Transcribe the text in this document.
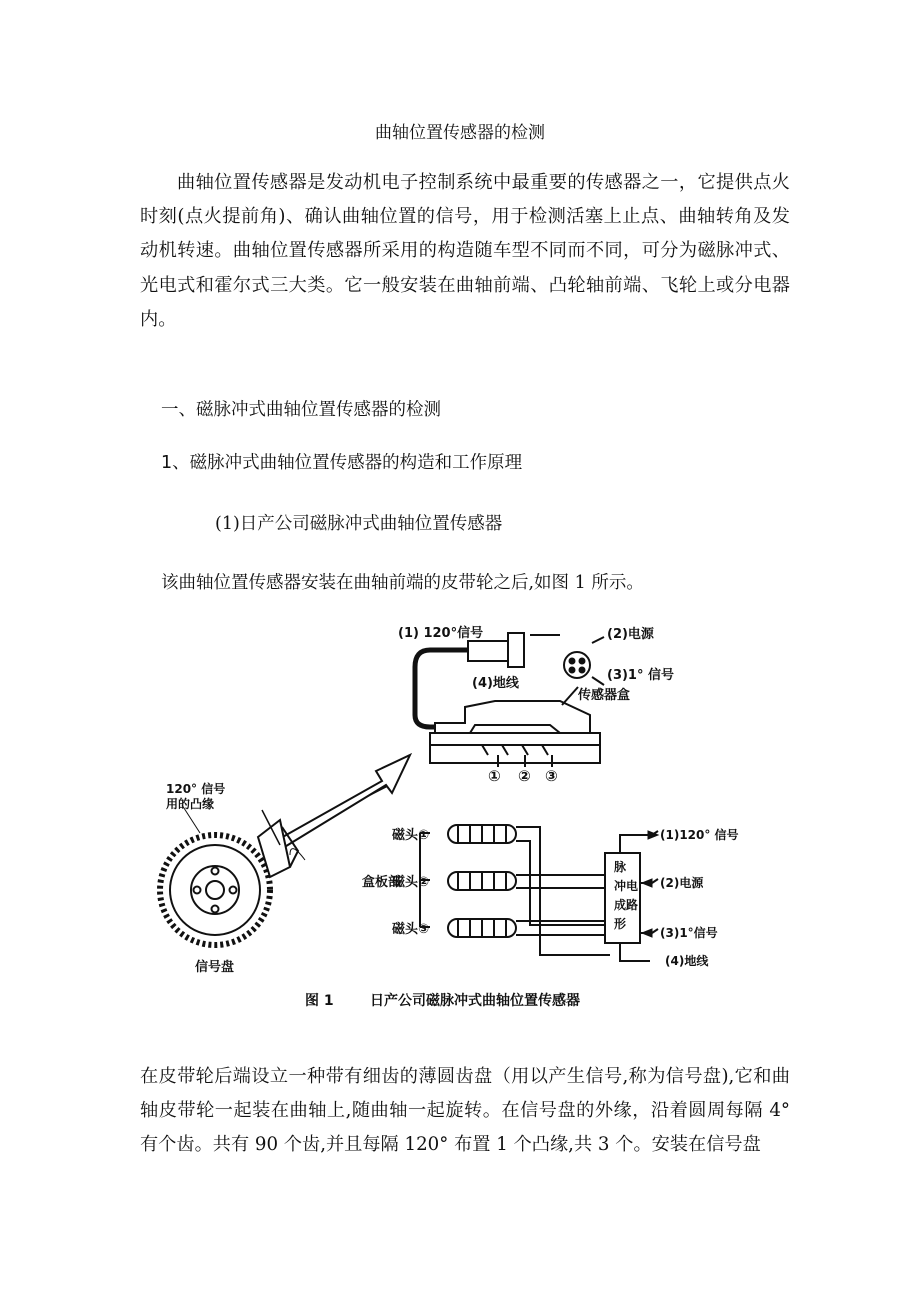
曲轴位置传感器的检测

曲轴位置传感器是发动机电子控制系统中最重要的传感器之一，它提供点火时刻(点火提前角)、确认曲轴位置的信号，用于检测活塞上止点、曲轴转角及发动机转速。曲轴位置传感器所采用的构造随车型不同而不同，可分为磁脉冲式、光电式和霍尔式三大类。它一般安装在曲轴前端、凸轮轴前端、飞轮上或分电器内。

一、磁脉冲式曲轴位置传感器的检测
1、磁脉冲式曲轴位置传感器的构造和工作原理
(1)日产公司磁脉冲式曲轴位置传感器
该曲轴位置传感器安装在曲轴前端的皮带轮之后,如图 1 所示。
(1) 120°信号	(2)电源
(3)1° 信号
(4)地线
传感器盒
① ② ③
120° 信号
用的凸缘
信号盘
盒板部
磁头①
磁头②
磁头③
脉
冲 电
成 路
形
(1)120° 信号
(2)电源
(3)1°信号
(4)地线
图 1	日产公司磁脉冲式曲轴位置传感器

在皮带轮后端设立一种带有细齿的薄圆齿盘（用以产生信号,称为信号盘),它和曲轴皮带轮一起装在曲轴上,随曲轴一起旋转。在信号盘的外缘，沿着圆周每隔 4° 有个齿。共有 90 个齿,并且每隔 120° 布置 1 个凸缘,共 3 个。安装在信号盘
